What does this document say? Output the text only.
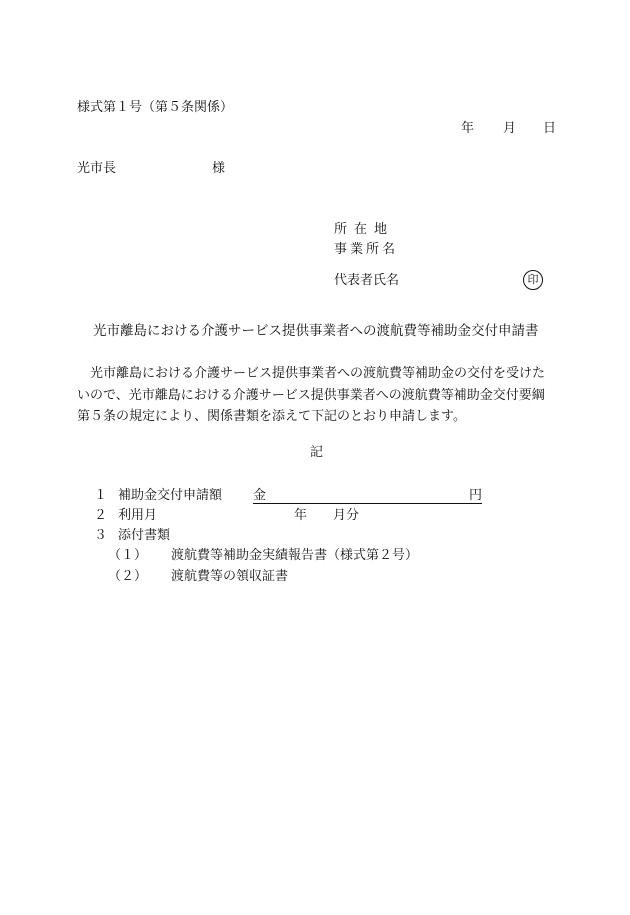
様式第１号（第５条関係）
年 月 日
光市長	様
所在地
事業所名
代表者氏名	印
光市離島における介護サービス提供事業者への渡航費等補助金交付申請書
光市離島における介護サービス提供事業者への渡航費等補助金の交付を受けたいので、光市離島における介護サービス提供事業者への渡航費等補助金交付要綱第５条の規定により、関係書類を添えて下記のとおり申請します。
記
１ 補助金交付申請額 金	円
２ 利用月	年 月分
３ 添付書類
（１） 渡航費等補助金実績報告書（様式第２号）
（２） 渡航費等の領収証書
